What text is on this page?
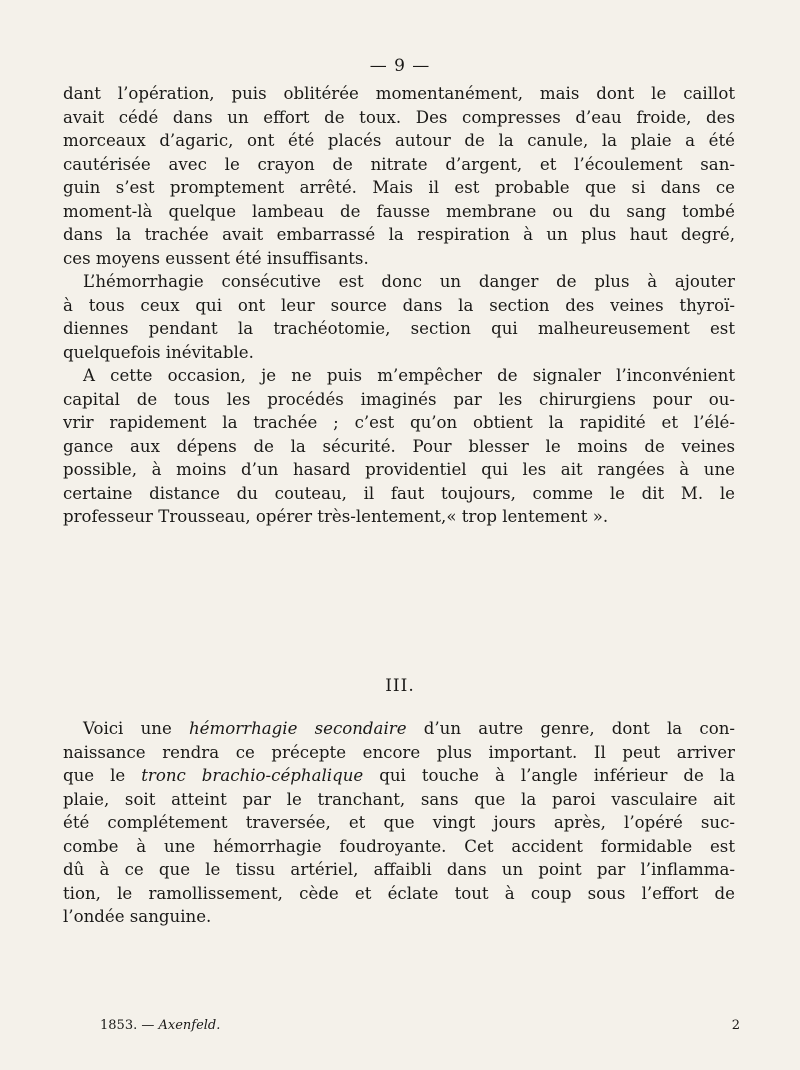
— 9 —
dant l’opération, puis oblitérée momentanément, mais dont le caillot
avait cédé dans un effort de toux. Des compresses d’eau froide, des
morceaux d’agaric, ont été placés autour de la canule, la plaie a été
cautérisée avec le crayon de nitrate d’argent, et l’écoulement san-
guin s’est promptement arrêté. Mais il est probable que si dans ce
moment-là quelque lambeau de fausse membrane ou du sang tombé
dans la trachée avait embarrassé la respiration à un plus haut degré,
ces moyens eussent été insuffisants.
L’hémorrhagie consécutive est donc un danger de plus à ajouter
à tous ceux qui ont leur source dans la section des veines thyroï-
diennes pendant la trachéotomie, section qui malheureusement est
quelquefois inévitable.
A cette occasion, je ne puis m’empêcher de signaler l’inconvénient
capital de tous les procédés imaginés par les chirurgiens pour ou-
vrir rapidement la trachée ; c’est qu’on obtient la rapidité et l’élé-
gance aux dépens de la sécurité. Pour blesser le moins de veines
possible, à moins d’un hasard providentiel qui les ait rangées à une
certaine distance du couteau, il faut toujours, comme le dit M. le
professeur Trousseau, opérer très-lentement,« trop lentement ».
III.
Voici une hémorrhagie secondaire d’un autre genre, dont la con-
naissance rendra ce précepte encore plus important. Il peut arriver
que le tronc brachio-céphalique qui touche à l’angle inférieur de la
plaie, soit atteint par le tranchant, sans que la paroi vasculaire ait
été complétement traversée, et que vingt jours après, l’opéré suc-
combe à une hémorrhagie foudroyante. Cet accident formidable est
dû à ce que le tissu artériel, affaibli dans un point par l’inflamma-
tion, le ramollissement, cède et éclate tout à coup sous l’effort de
l’ondée sanguine.
1853. — Axenfeld.	2
